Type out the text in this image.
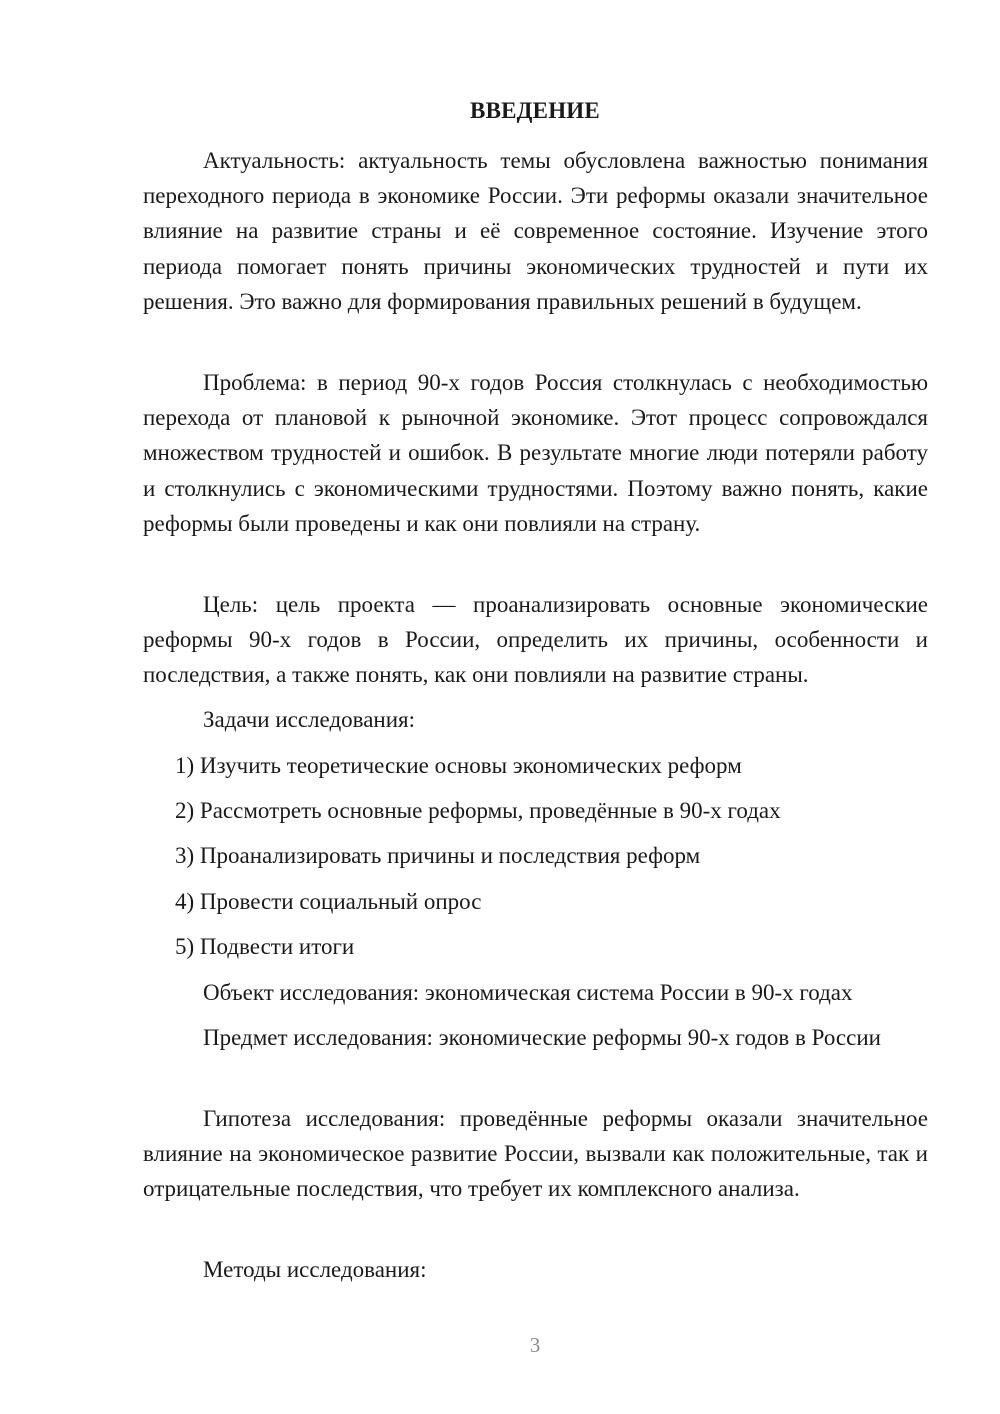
ВВЕДЕНИЕ

Актуальность: актуальность темы обусловлена важностью понимания переходного периода в экономике России. Эти реформы оказали значительное влияние на развитие страны и её современное состояние. Изучение этого периода помогает понять причины экономических трудностей и пути их решения. Это важно для формирования правильных решений в будущем.

Проблема: в период 90-х годов Россия столкнулась с необходимостью перехода от плановой к рыночной экономике. Этот процесс сопровождался множеством трудностей и ошибок. В результате многие люди потеряли работу и столкнулись с экономическими трудностями. Поэтому важно понять, какие реформы были проведены и как они повлияли на страну.

Цель: цель проекта — проанализировать основные экономические реформы 90-х годов в России, определить их причины, особенности и последствия, а также понять, как они повлияли на развитие страны.

Задачи исследования:

1) Изучить теоретические основы экономических реформ

2) Рассмотреть основные реформы, проведённые в 90-х годах

3) Проанализировать причины и последствия реформ

4) Провести социальный опрос

5) Подвести итоги

Объект исследования: экономическая система России в 90-х годах

Предмет исследования: экономические реформы 90-х годов в России

Гипотеза исследования: проведённые реформы оказали значительное влияние на экономическое развитие России, вызвали как положительные, так и отрицательные последствия, что требует их комплексного анализа.

Методы исследования:

3
